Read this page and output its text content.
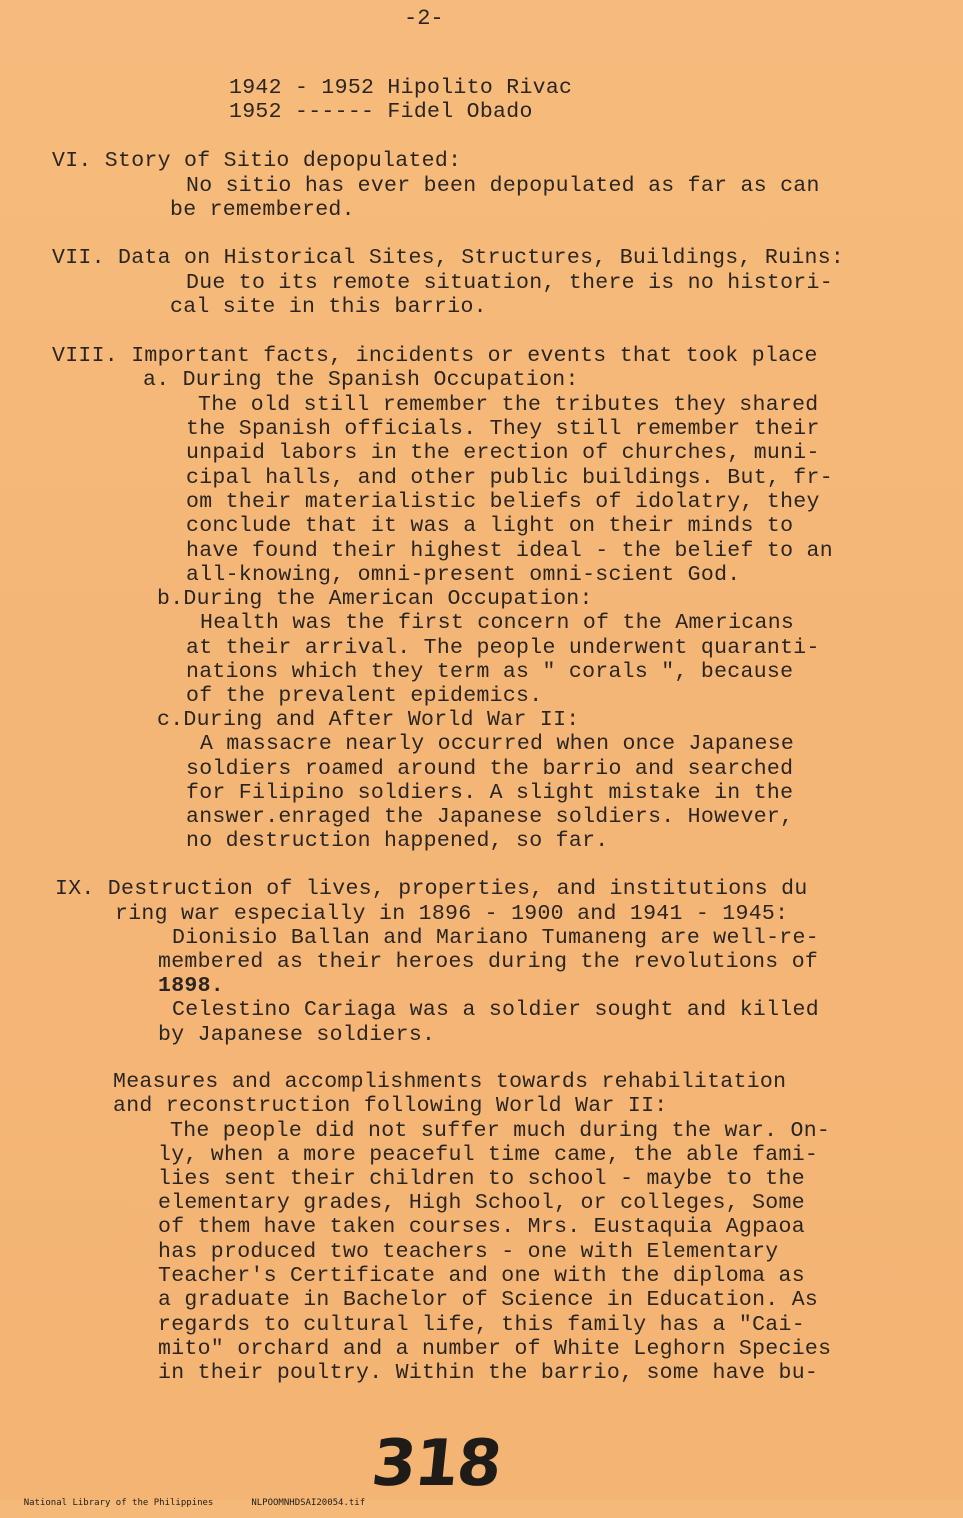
-2-
1942 - 1952 Hipolito Rivac
1952 ------ Fidel Obado
VI. Story of Sitio depopulated:
No sitio has ever been depopulated as far as can
be remembered.
VII. Data on Historical Sites, Structures, Buildings, Ruins:
Due to its remote situation, there is no histori-
cal site in this barrio.
VIII. Important facts, incidents or events that took place
a. During the Spanish Occupation:
The old still remember the tributes they shared
the Spanish officials. They still remember their
unpaid labors in the erection of churches, muni-
cipal halls, and other public buildings. But, fr-
om their materialistic beliefs of idolatry, they
conclude that it was a light on their minds to
have found their highest ideal - the belief to an
all-knowing, omni-present omni-scient God.
b.During the American Occupation:
Health was the first concern of the Americans
at their arrival. The people underwent quaranti-
nations which they term as " corals ", because
of the prevalent epidemics.
c.During and After World War II:
A massacre nearly occurred when once Japanese
soldiers roamed around the barrio and searched
for Filipino soldiers. A slight mistake in the
answer.enraged the Japanese soldiers. However,
no destruction happened, so far.
IX. Destruction of lives, properties, and institutions du
ring war especially in 1896 - 1900 and 1941 - 1945:
Dionisio Ballan and Mariano Tumaneng are well-re-
membered as their heroes during the revolutions of
1898.
Celestino Cariaga was a soldier sought and killed
by Japanese soldiers.
Measures and accomplishments towards rehabilitation
and reconstruction following World War II:
The people did not suffer much during the war. On-
ly, when a more peaceful time came, the able fami-
lies sent their children to school - maybe to the
elementary grades, High School, or colleges, Some
of them have taken courses. Mrs. Eustaquia Agpaoa
has produced two teachers - one with Elementary
Teacher's Certificate and one with the diploma as
a graduate in Bachelor of Science in Education. As
regards to cultural life, this family has a "Cai-
mito" orchard and a number of White Leghorn Species
in their poultry. Within the barrio, some have bu-
318

National Library of the Philippines	NLPOOMNHDSAI20054.tif
